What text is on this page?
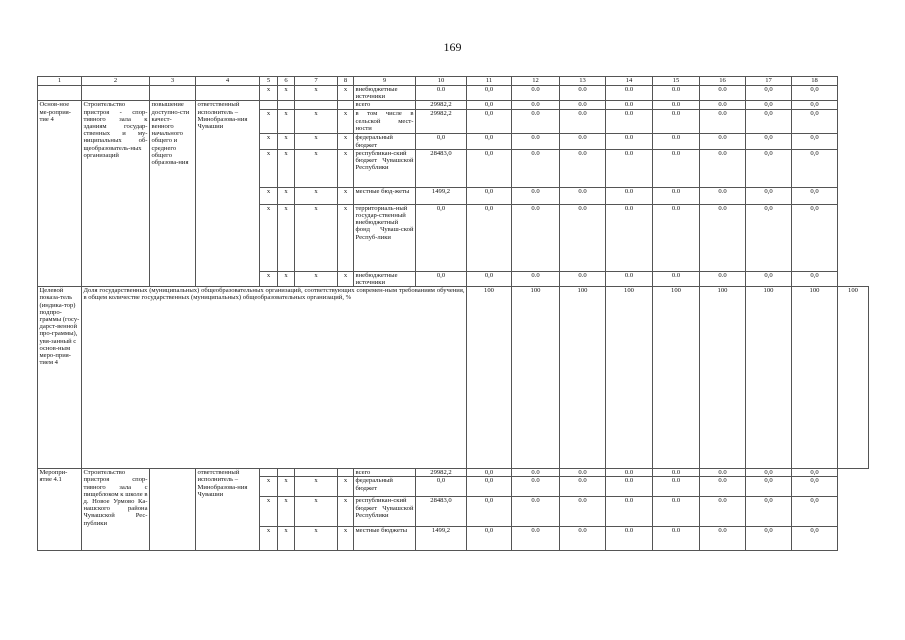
169
1	2	3	4	5	6	7	8	9	10	11	12	13	14	15	16	17	18	
				x	x	x	x	внебюджетные источники	0.0	0,0	0.0	0.0	0.0	0.0	0.0	0,0	0,0	
Основ-ное ме-роприя-тие 4	Строительство пристроя - спор-тивного зала к зданиям государ-ственных и му-ниципальных об-щеобразователь-ных организаций	повышение доступно-сти качест-венного начального общего и среднего общего образова-ния	ответственный исполнитель – Минобразова-ния Чувашии					всего	29982,2	0,0	0.0	0.0	0.0	0.0	0.0	0,0	0,0	
				x	x	x	x	в том числе в сельской мест-ности	29982,2	0,0	0.0	0.0	0.0	0.0	0.0	0,0	0,0	
				x	x	x	x	федеральный бюджет	0,0	0,0	0.0	0.0	0.0	0.0	0.0	0,0	0,0	
				x	x	x	x	республикан-ский бюджет Чувашской Республики	28483,0	0,0	0.0	0.0	0.0	0.0	0.0	0,0	0,0	
				x	x	x	x	местные бюд-жеты	1499,2	0,0	0.0	0.0	0.0	0.0	0.0	0,0	0,0	
				x	x	x	x	территориаль-ный государ-ственный внебюджетный фонд Чуваш-ской Респуб-лики	0,0	0,0	0.0	0.0	0.0	0.0	0.0	0,0	0,0	
				x	x	x	x	внебюджетные источники	0,0	0,0	0.0	0.0	0.0	0.0	0.0	0,0	0,0	
Целевой показа-тель (индика-тор) подпро-граммы (госу-дарст-венной про-граммы), увя-занный с основ-ным меро-прия-тием 4	Доля государственных (муниципальных) общеобразовательных организаций, соответствующих современ-ным требованиям обучения, в общем количестве государственных (муниципальных) общеобразовательных организаций, %									100	100	100	100	100	100	100	100	100
Меропри-ятие 4.1	Строительство пристроя спор-тивного зала с пищеблоком к школе в д. Новое Урмово Ка-нашского района Чувашской Рес-публики		ответственный исполнитель – Минобразова-ния Чувашии					всего	29982,2	0,0	0.0	0.0	0.0	0.0	0.0	0,0	0,0	
				x	x	x	x	федеральный бюджет	0,0	0,0	0.0	0.0	0.0	0.0	0.0	0,0	0,0	
				x	x	x	x	республикан-ский бюджет Чувашской Республики	28483,0	0,0	0.0	0.0	0.0	0.0	0.0	0,0	0,0	
				x	x	x	x	местные бюджеты	1499,2	0,0	0.0	0.0	0.0	0.0	0.0	0,0	0,0	
